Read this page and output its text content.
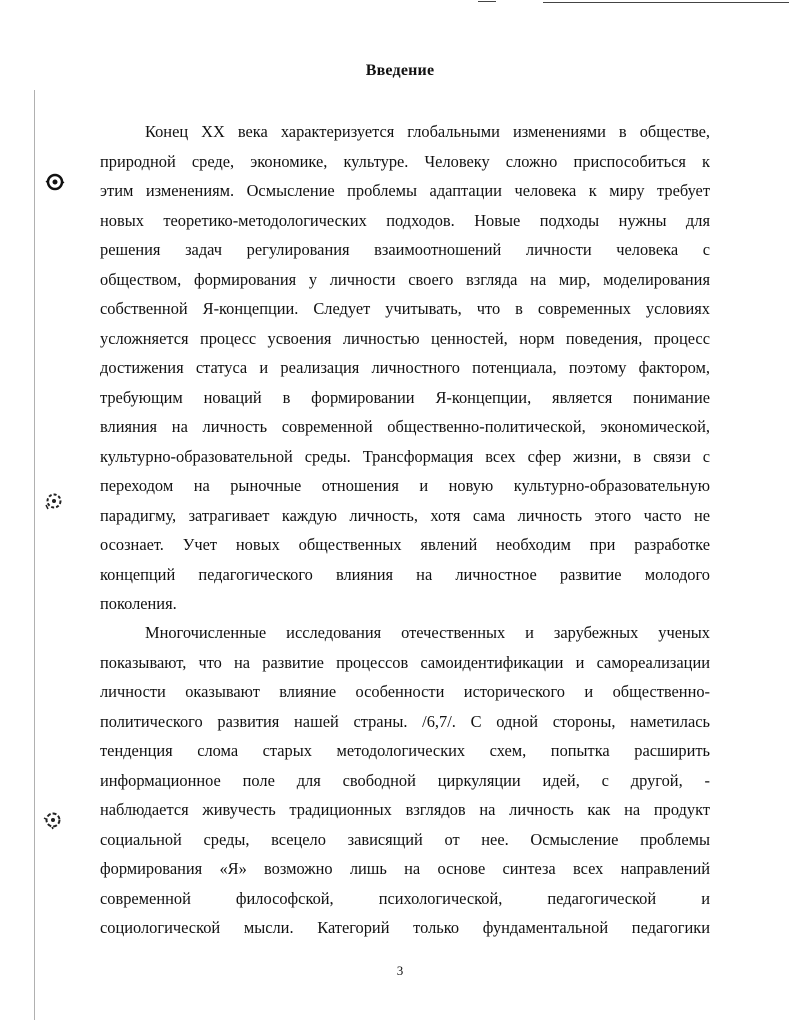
Введение
Конец XX века характеризуется глобальными изменениями в обществе,
природной среде, экономике, культуре. Человеку сложно приспособиться к
этим изменениям. Осмысление проблемы адаптации человека к миру требует
новых теоретико-методологических подходов. Новые подходы нужны для
решения задач регулирования взаимоотношений личности человека с
обществом, формирования у личности своего взгляда на мир, моделирования
собственной Я-концепции. Следует учитывать, что в современных условиях
усложняется процесс усвоения личностью ценностей, норм поведения, процесс
достижения статуса и реализация личностного потенциала, поэтому фактором,
требующим новаций в формировании Я-концепции, является понимание
влияния на личность современной общественно-политической, экономической,
культурно-образовательной среды. Трансформация всех сфер жизни, в связи с
переходом на рыночные отношения и новую культурно-образовательную
парадигму, затрагивает каждую личность, хотя сама личность этого часто не
осознает. Учет новых общественных явлений необходим при разработке
концепций педагогического влияния на личностное развитие молодого
поколения.
Многочисленные исследования отечественных и зарубежных ученых
показывают, что на развитие процессов самоидентификации и самореализации
личности оказывают влияние особенности исторического и общественно-
политического развития нашей страны. /6,7/. С одной стороны, наметилась
тенденция слома старых методологических схем, попытка расширить
информационное поле для свободной циркуляции идей, с другой, -
наблюдается живучесть традиционных взглядов на личность как на продукт
социальной среды, всецело зависящий от нее. Осмысление проблемы
формирования «Я» возможно лишь на основе синтеза всех направлений
современной философской, психологической, педагогической и
социологической мысли. Категорий только фундаментальной педагогики
3
